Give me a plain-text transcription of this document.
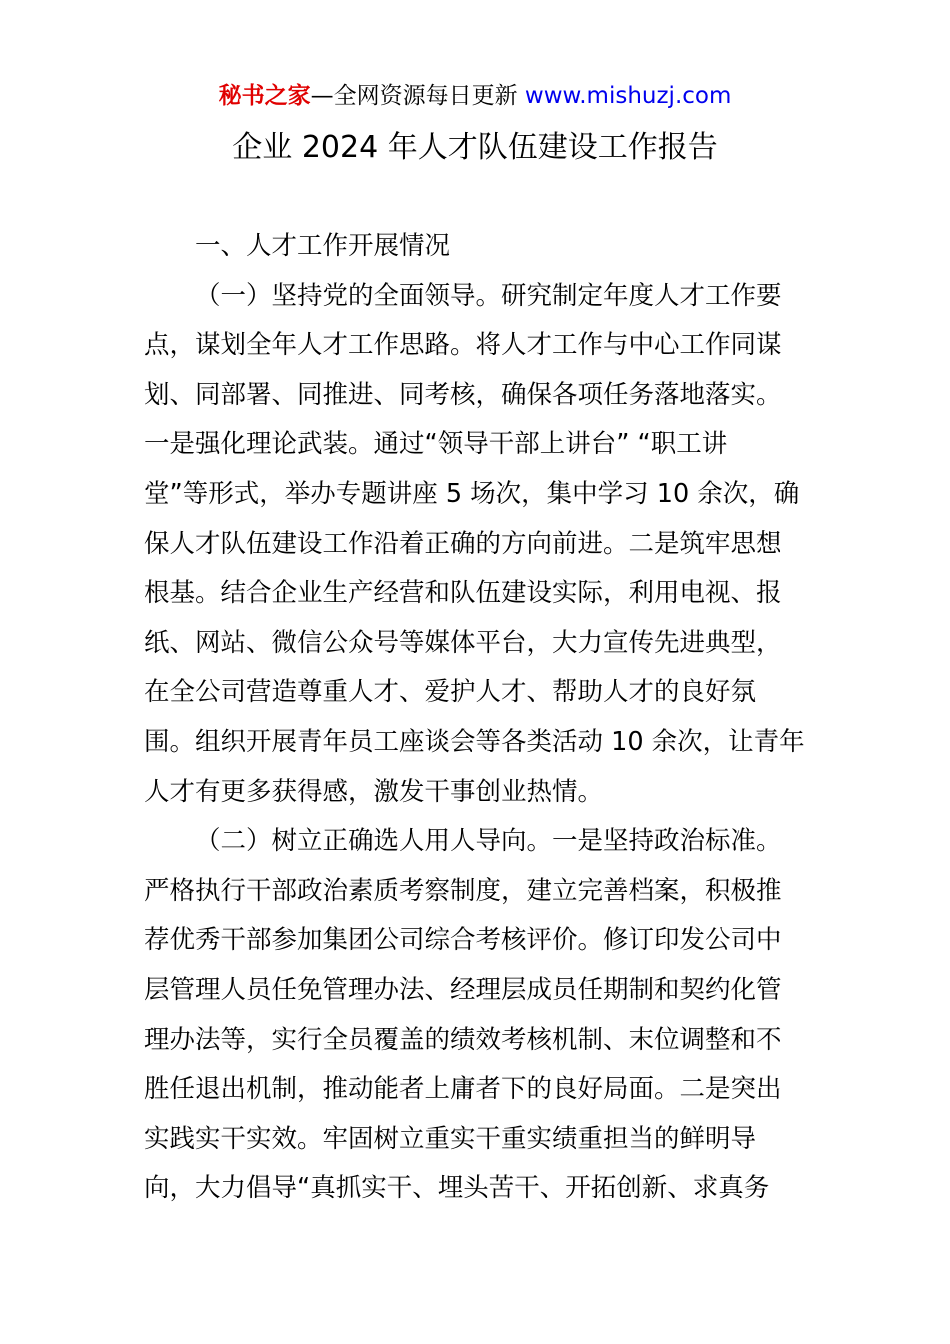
秘书之家—全网资源每日更新 www.mishuzj.com
企业 2024 年人才队伍建设工作报告

一、人才工作开展情况

（一）坚持党的全面领导。研究制定年度人才工作要

点，谋划全年人才工作思路。将人才工作与中心工作同谋

划、同部署、同推进、同考核，确保各项任务落地落实。

一是强化理论武装。通过“领导干部上讲台” “职工讲

堂”等形式，举办专题讲座 5 场次，集中学习 10 余次，确

保人才队伍建设工作沿着正确的方向前进。二是筑牢思想

根基。结合企业生产经营和队伍建设实际，利用电视、报

纸、网站、微信公众号等媒体平台，大力宣传先进典型，

在全公司营造尊重人才、爱护人才、帮助人才的良好氛

围。组织开展青年员工座谈会等各类活动 10 余次，让青年

人才有更多获得感，激发干事创业热情。

（二）树立正确选人用人导向。一是坚持政治标准。

严格执行干部政治素质考察制度，建立完善档案，积极推

荐优秀干部参加集团公司综合考核评价。修订印发公司中

层管理人员任免管理办法、经理层成员任期制和契约化管

理办法等，实行全员覆盖的绩效考核机制、末位调整和不

胜任退出机制，推动能者上庸者下的良好局面。二是突出

实践实干实效。牢固树立重实干重实绩重担当的鲜明导

向，大力倡导“真抓实干、埋头苦干、开拓创新、求真务
